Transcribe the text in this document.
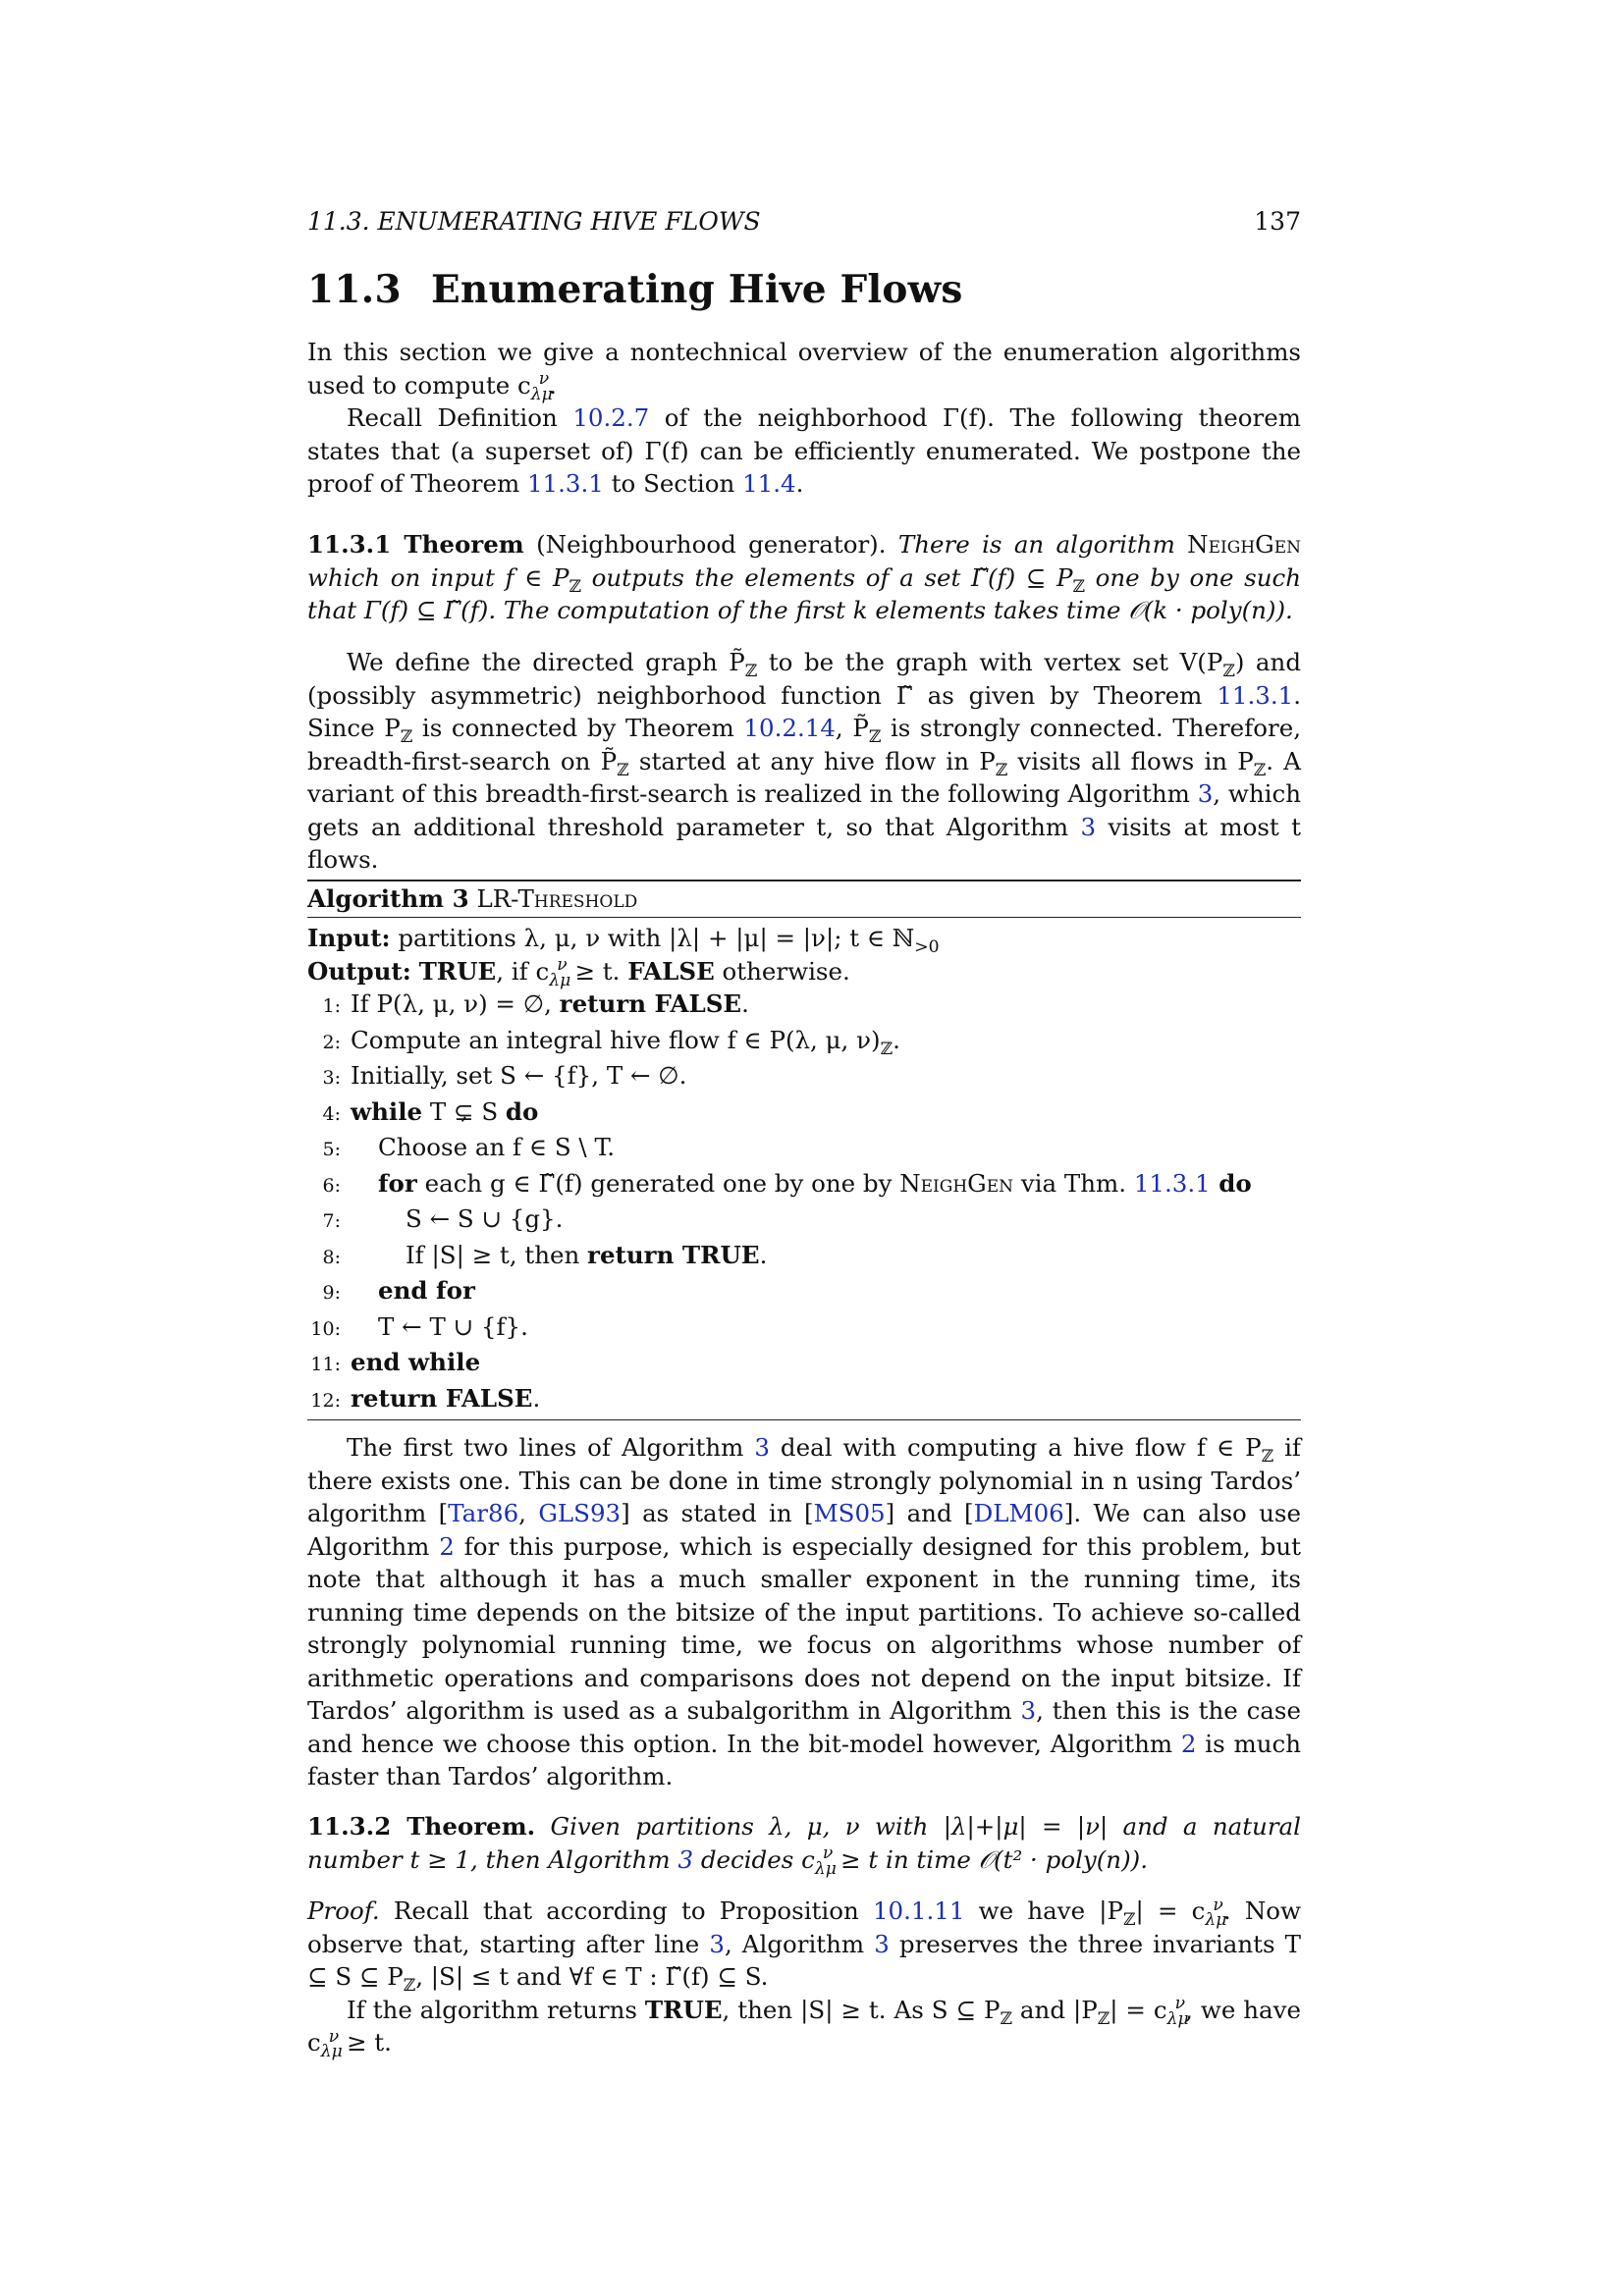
11.3. ENUMERATING HIVE FLOWS	137
11.3 Enumerating Hive Flows

In this section we give a nontechnical overview of the enumeration algorithms used to compute $c_{\lambda\mu}^\nu$.

Recall Definition 10.2.7 of the neighborhood Γ(f). The following theorem states that (a superset of) Γ(f) can be efficiently enumerated. We postpone the proof of Theorem 11.3.1 to Section 11.4.

11.3.1 Theorem (Neighbourhood generator). There is an algorithm NeighGen which on input f ∈ $P_ℤ$ outputs the elements of a set Γ̃(f) ⊆ $P_ℤ$ one by one such that Γ(f) ⊆ Γ̃(f). The computation of the first k elements takes time 𝒪(k · poly(n)).

We define the directed graph $P̃_ℤ$ to be the graph with vertex set $V(P_ℤ)$ and (possibly asymmetric) neighborhood function Γ̃ as given by Theorem 11.3.1. Since $P_ℤ$ is connected by Theorem 10.2.14, $P̃_ℤ$ is strongly connected. Therefore, breadth-first-search on $P̃_ℤ$ started at any hive flow in $P_ℤ$ visits all flows in $P_ℤ$. A variant of this breadth-first-search is realized in the following Algorithm 3, which gets an additional threshold parameter t, so that Algorithm 3 visits at most t flows.

Algorithm 3 LR-Threshold
Input: partitions λ, μ, ν with |λ| + |μ| = |ν|; t ∈ ℕ$_{>0}$
Output: TRUE, if $c_{\lambda\mu}^\nu \ge t$. FALSE otherwise.
1: If P(λ, μ, ν) = ∅, return FALSE.
2: Compute an integral hive flow f ∈ P(λ, μ, $\nu)_ℤ$.
3: Initially, set S ← {f}, T ← ∅.
4: while T ⊊ S do
5: Choose an f ∈ S \ T.
6: for each g ∈ Γ̃(f) generated one by one by NeighGen via Thm. 11.3.1 do
7:	S ← S ∪ {g}.
8:	If |S| ≥ t, then return TRUE.
9: end for
10: T ← T ∪ {f}.
11: end while
12: return FALSE.

The first two lines of Algorithm 3 deal with computing a hive flow f ∈ $P_ℤ$ if there exists one. This can be done in time strongly polynomial in n using Tardos’ algorithm [Tar86, GLS93] as stated in [MS05] and [DLM06]. We can also use Algorithm 2 for this purpose, which is especially designed for this problem, but note that although it has a much smaller exponent in the running time, its running time depends on the bitsize of the input partitions. To achieve so-called strongly polynomial running time, we focus on algorithms whose number of arithmetic operations and comparisons does not depend on the input bitsize. If Tardos’ algorithm is used as a subalgorithm in Algorithm 3, then this is the case and hence we choose this option. In the bit-model however, Algorithm 2 is much faster than Tardos’ algorithm.

11.3.2 Theorem. Given partitions λ, μ, ν with |λ|+|μ| = |ν| and a natural number t ≥ 1, then Algorithm 3 decides $c_{\lambda\mu}^\nu \ge t$ in time 𝒪(t² · poly(n)).

Proof. Recall that according to Proposition 10.1.11 we have $|P_ℤ| = c_{\lambda\mu}^\nu$. Now observe that, starting after line 3, Algorithm 3 preserves the three invariants T ⊆ S ⊆ $P_ℤ$, |S| ≤ t and ∀f ∈ T : Γ̃(f) ⊆ S.

If the algorithm returns TRUE, then |S| ≥ t. As S ⊆ $P_ℤ$ and $|P_ℤ| = c_{\lambda\mu}^\nu$, we have $c_{\lambda\mu}^\nu \ge t$.
